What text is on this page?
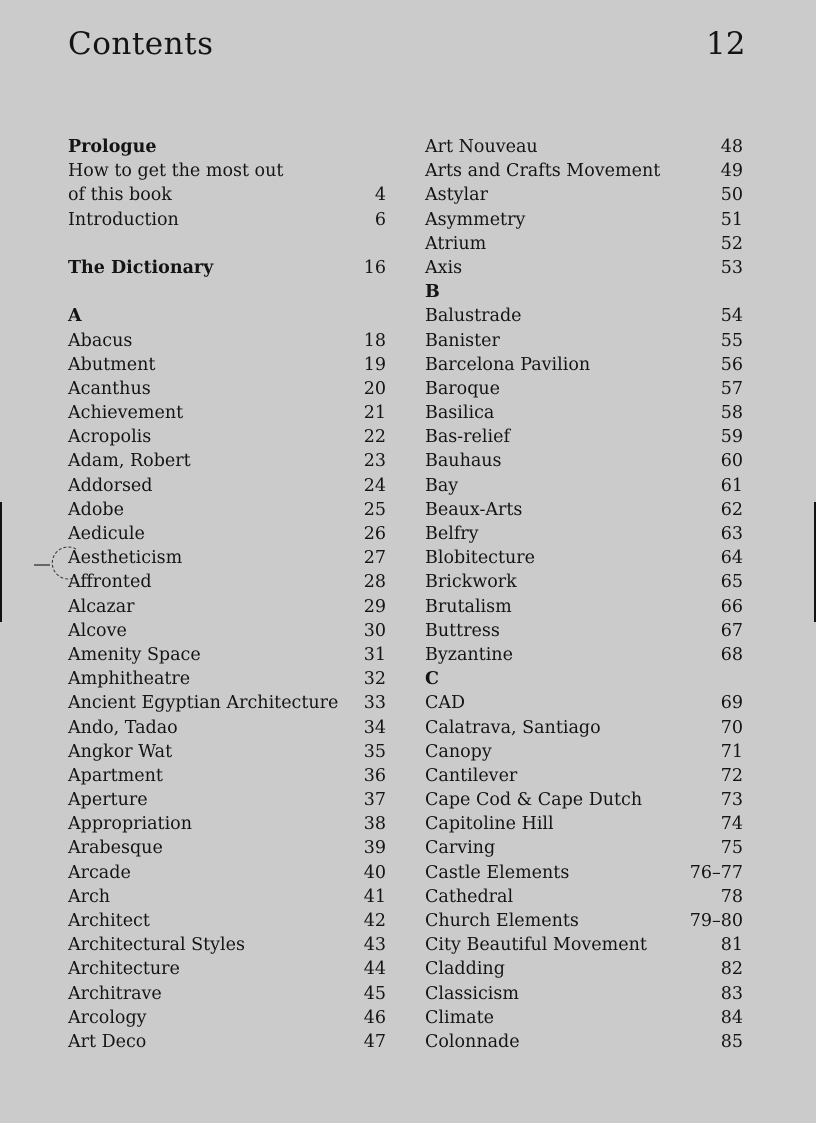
Contents	12
Prologue
How to get the most out
of this book	4
Introduction	6
The Dictionary	16
A
Abacus	18
Abutment	19
Acanthus	20
Achievement	21
Acropolis	22
Adam, Robert	23
Addorsed	24
Adobe	25
Aedicule	26
Aestheticism	27
Affronted	28
Alcazar	29
Alcove	30
Amenity Space	31
Amphitheatre	32
Ancient Egyptian Architecture 33
Ando, Tadao	34
Angkor Wat	35
Apartment	36
Aperture	37
Appropriation	38
Arabesque	39
Arcade	40
Arch	41
Architect	42
Architectural Styles	43
Architecture	44
Architrave	45
Arcology	46
Art Deco	47
Art Nouveau	48
Arts and Crafts Movement	49
Astylar	50
Asymmetry	51
Atrium	52
Axis	53
B
Balustrade	54
Banister	55
Barcelona Pavilion	56
Baroque	57
Basilica	58
Bas-relief	59
Bauhaus	60
Bay	61
Beaux-Arts	62
Belfry	63
Blobitecture	64
Brickwork	65
Brutalism	66
Buttress	67
Byzantine	68
C
CAD	69
Calatrava, Santiago	70
Canopy	71
Cantilever	72
Cape Cod & Cape Dutch	73
Capitoline Hill	74
Carving	75
Castle Elements	76–77
Cathedral	78
Church Elements	79–80
City Beautiful Movement	81
Cladding	82
Classicism	83
Climate	84
Colonnade	85
